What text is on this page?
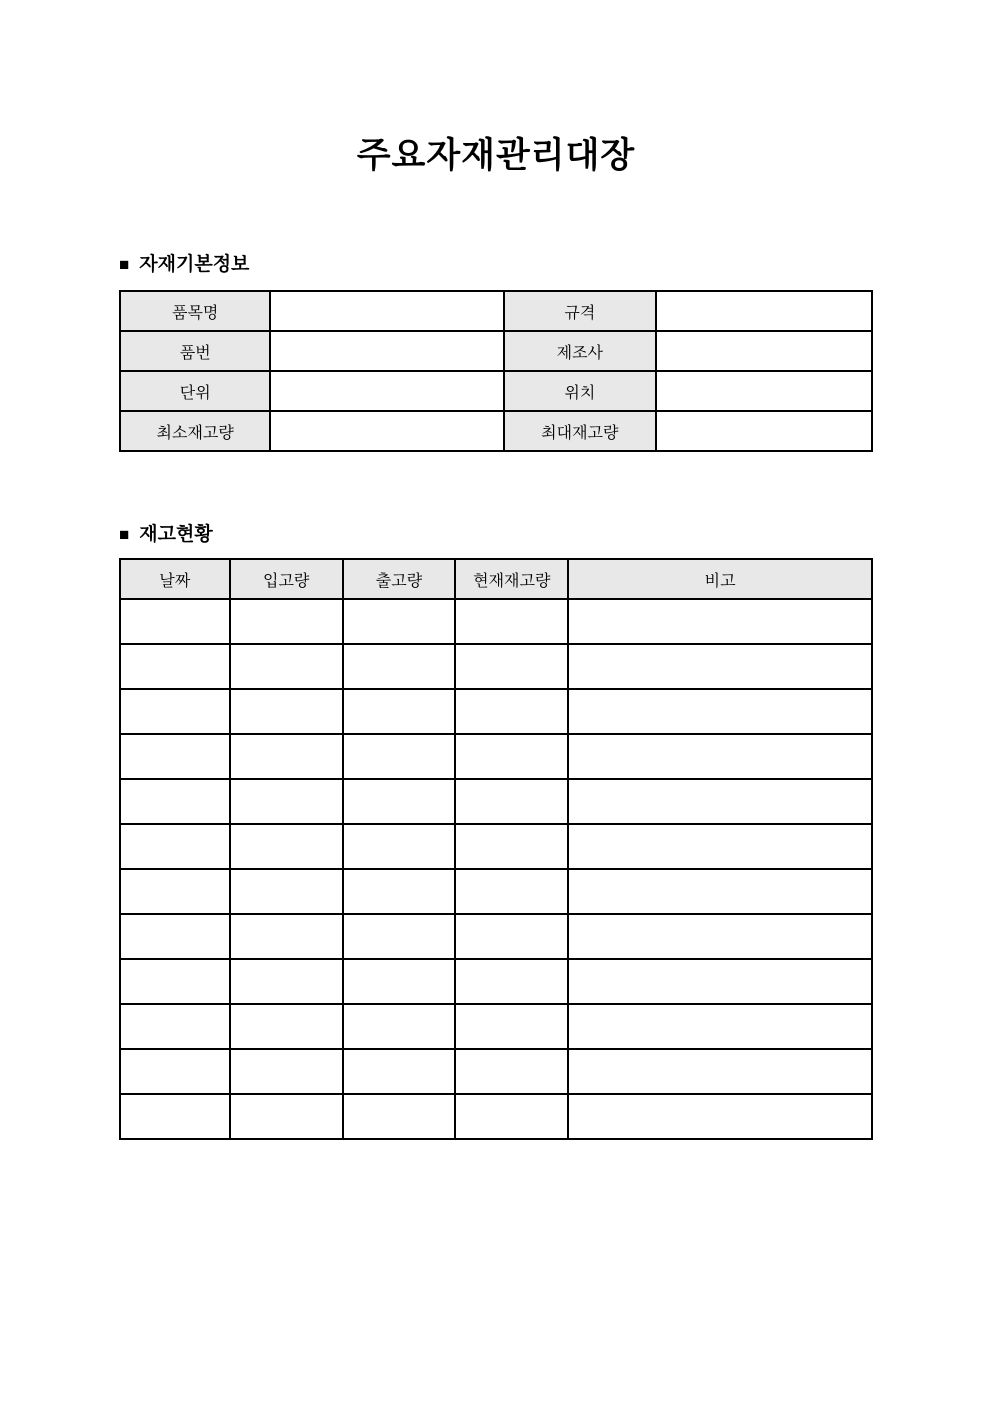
주요자재관리대장
■ 자재기본정보
품목명		규격	
품번		제조사	
단위		위치	
최소재고량		최대재고량	
■ 재고현황
날짜	입고량	출고량	현재재고량	비고
